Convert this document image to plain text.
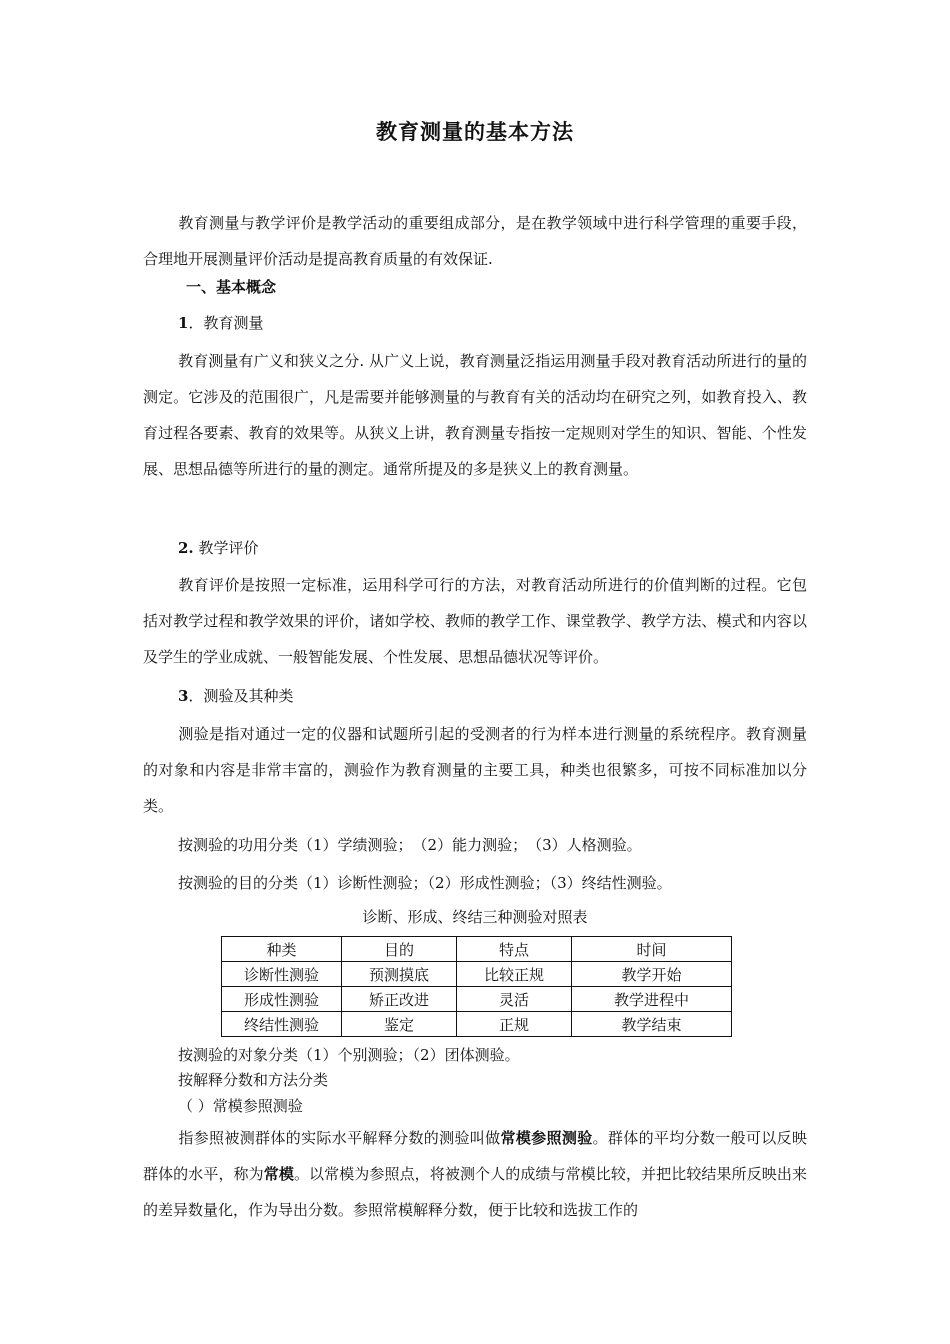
教育测量的基本方法
教育测量与教学评价是教学活动的重要组成部分，是在教学领域中进行科学管理的重要手段，合理地开展测量评价活动是提高教育质量的有效保证.
一、基本概念
1．教育测量
教育测量有广义和狭义之分. 从广义上说，教育测量泛指运用测量手段对教育活动所进行的量的测定。它涉及的范围很广，凡是需要并能够测量的与教育有关的活动均在研究之列，如教育投入、教育过程各要素、教育的效果等。从狭义上讲，教育测量专指按一定规则对学生的知识、智能、个性发展、思想品德等所进行的量的测定。通常所提及的多是狭义上的教育测量。
2. 教学评价
教育评价是按照一定标准，运用科学可行的方法，对教育活动所进行的价值判断的过程。它包括对教学过程和教学效果的评价，诸如学校、教师的教学工作、课堂教学、教学方法、模式和内容以及学生的学业成就、一般智能发展、个性发展、思想品德状况等评价。
3．测验及其种类
测验是指对通过一定的仪器和试题所引起的受测者的行为样本进行测量的系统程序。教育测量的对象和内容是非常丰富的，测验作为教育测量的主要工具，种类也很繁多，可按不同标准加以分类。
按测验的功用分类（1）学绩测验；　（2）能力测验；　（3）人格测验。
按测验的目的分类（1）诊断性测验；（2）形成性测验；（3）终结性测验。
诊断、形成、终结三种测验对照表
种类	目的	特点	时间
诊断性测验	预测摸底	比较正规	教学开始
形成性测验	矫正改进	灵活	教学进程中
终结性测验	鉴定	正规	教学结束
按测验的对象分类（1）个别测验；（2）团体测验。
按解释分数和方法分类
（ ）常模参照测验
指参照被测群体的实际水平解释分数的测验叫做常模参照测验。群体的平均分数一般可以反映群体的水平，称为常模。以常模为参照点，将被测个人的成绩与常模比较，并把比较结果所反映出来的差异数量化，作为导出分数。参照常模解释分数，便于比较和选拔工作的
